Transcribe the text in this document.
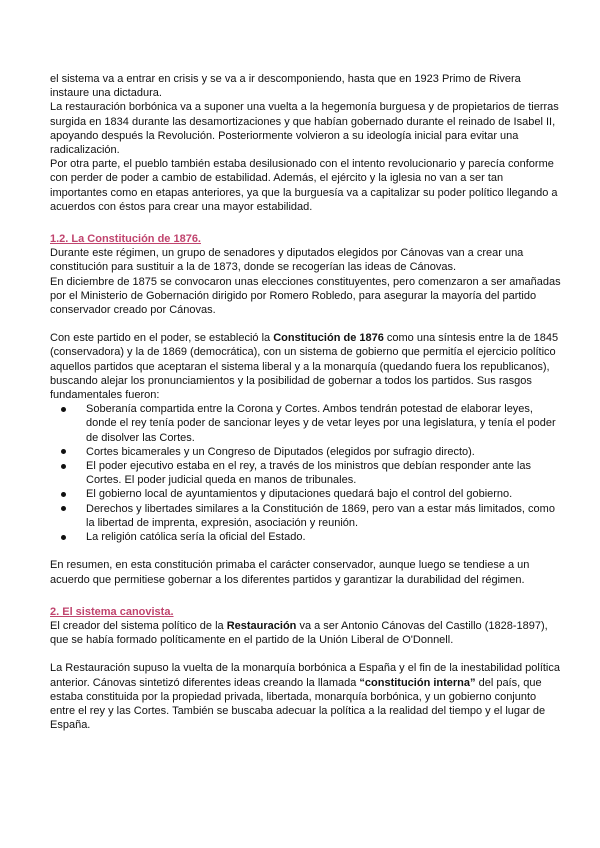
el sistema va a entrar en crisis y se va a ir descomponiendo, hasta que en 1923 Primo de Rivera instaure una dictadura.

La restauración borbónica va a suponer una vuelta a la hegemonía burguesa y de propietarios de tierras surgida en 1834 durante las desamortizaciones y que habían gobernado durante el reinado de Isabel II, apoyando después la Revolución. Posteriormente volvieron a su ideología inicial para evitar una radicalización.

Por otra parte, el pueblo también estaba desilusionado con el intento revolucionario y parecía conforme con perder de poder a cambio de estabilidad. Además, el ejército y la iglesia no van a ser tan importantes como en etapas anteriores, ya que la burguesía va a capitalizar su poder político llegando a acuerdos con éstos para crear una mayor estabilidad.

1.2. La Constitución de 1876.

Durante este régimen, un grupo de senadores y diputados elegidos por Cánovas van a crear una constitución para sustituir a la de 1873, donde se recogerían las ideas de Cánovas.

En diciembre de 1875 se convocaron unas elecciones constituyentes, pero comenzaron a ser amañadas por el Ministerio de Gobernación dirigido por Romero Robledo, para asegurar la mayoría del partido conservador creado por Cánovas.

Con este partido en el poder, se estableció la Constitución de 1876 como una síntesis entre la de 1845 (conservadora) y la de 1869 (democrática), con un sistema de gobierno que permitía el ejercicio político aquellos partidos que aceptaran el sistema liberal y a la monarquía (quedando fuera los republicanos), buscando alejar los pronunciamientos y la posibilidad de gobernar a todos los partidos. Sus rasgos fundamentales fueron:

Soberanía compartida entre la Corona y Cortes. Ambos tendrán potestad de elaborar leyes, donde el rey tenía poder de sancionar leyes y de vetar leyes por una legislatura, y tenía el poder de disolver las Cortes.
Cortes bicamerales y un Congreso de Diputados (elegidos por sufragio directo).
El poder ejecutivo estaba en el rey, a través de los ministros que debían responder ante las Cortes. El poder judicial queda en manos de tribunales.
El gobierno local de ayuntamientos y diputaciones quedará bajo el control del gobierno.
Derechos y libertades similares a la Constitución de 1869, pero van a estar más limitados, como la libertad de imprenta, expresión, asociación y reunión.
La religión católica sería la oficial del Estado.

En resumen, en esta constitución primaba el carácter conservador, aunque luego se tendiese a un acuerdo que permitiese gobernar a los diferentes partidos y garantizar la durabilidad del régimen.

2. El sistema canovista.

El creador del sistema político de la Restauración va a ser Antonio Cánovas del Castillo (1828-1897), que se había formado políticamente en el partido de la Unión Liberal de O'Donnell.

La Restauración supuso la vuelta de la monarquía borbónica a España y el fin de la inestabilidad política anterior. Cánovas sintetizó diferentes ideas creando la llamada “constitución interna” del país, que estaba constituida por la propiedad privada, libertada, monarquía borbónica, y un gobierno conjunto entre el rey y las Cortes. También se buscaba adecuar la política a la realidad del tiempo y el lugar de España.
